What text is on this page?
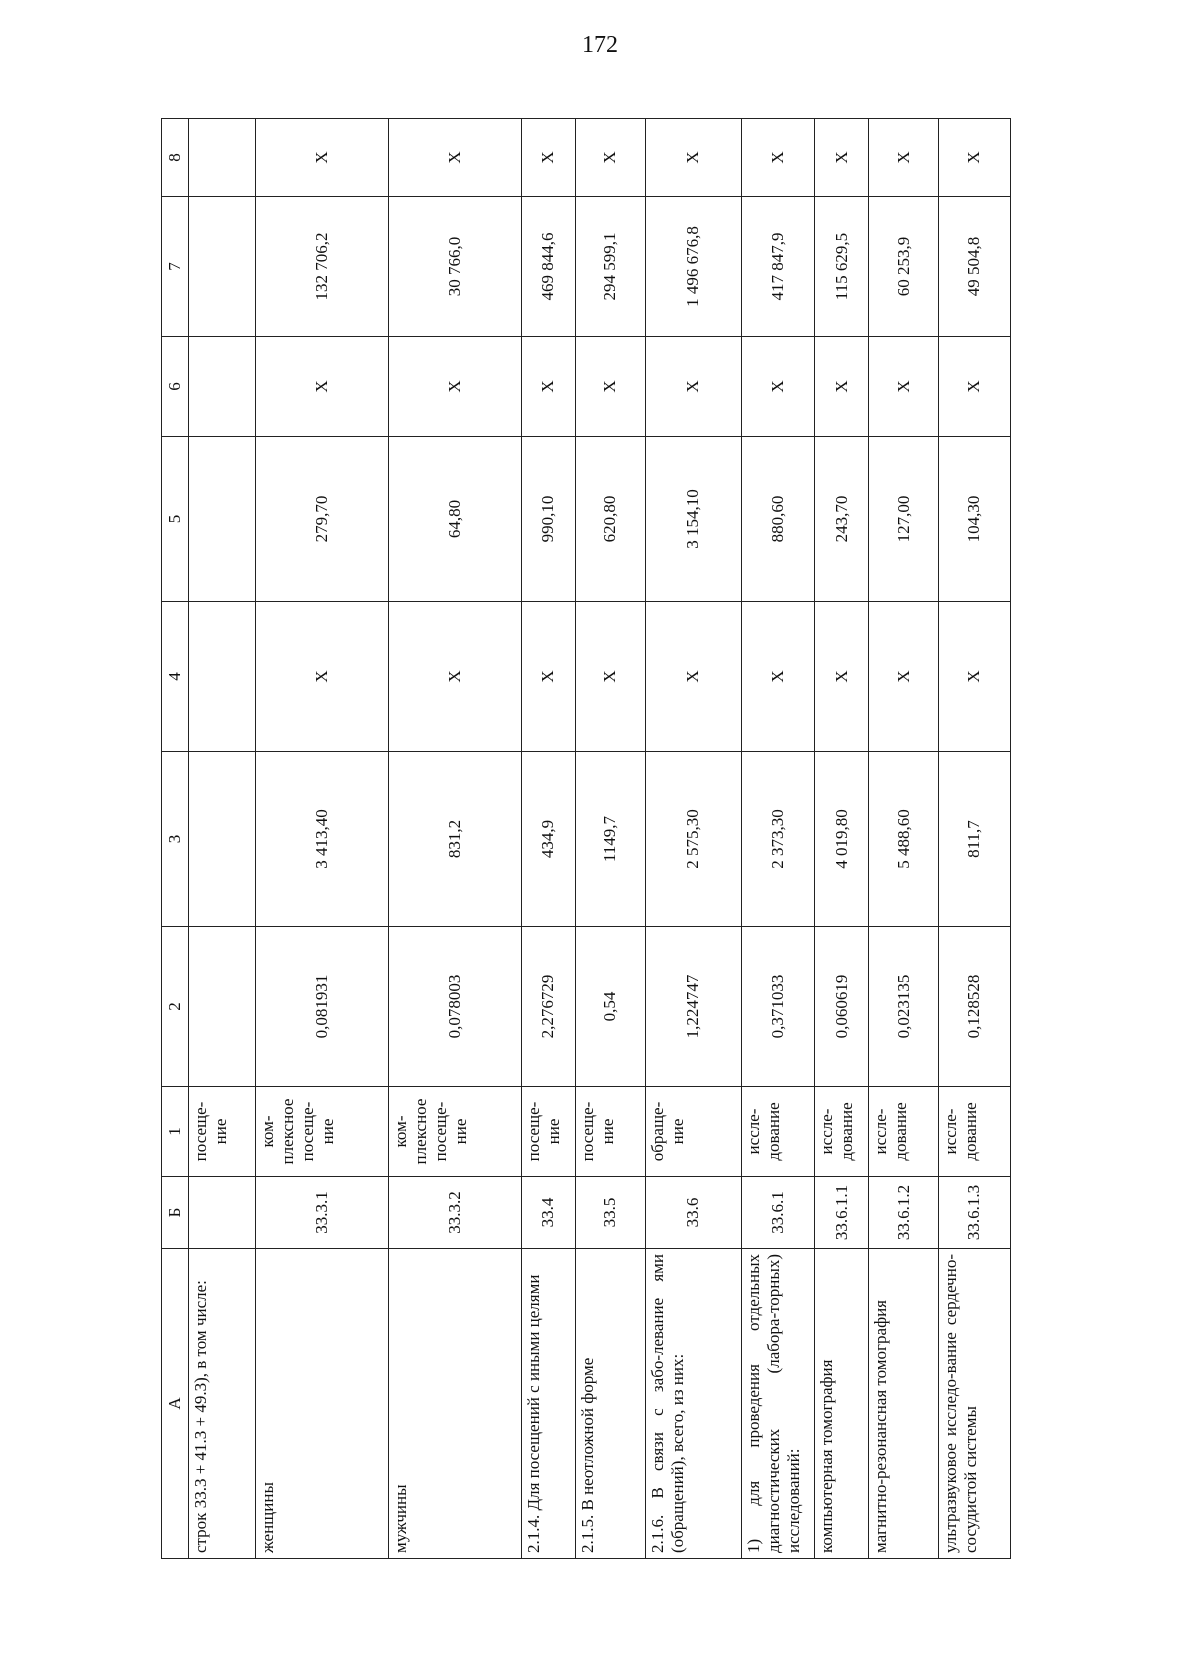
172
А	Б	1	2	3	4	5	6	7	8
строк 33.3 + 41.3 + 49.3), в том числе:		посеще-
ние							
женщины	33.3.1	ком-
плексное
посеще-
ние	0,081931	3 413,40	X	279,70	X	132 706,2	X
мужчины	33.3.2	ком-
плексное
посеще-
ние	0,078003	831,2	X	64,80	X	30 766,0	X
2.1.4. Для посещений с иными целями	33.4	посеще-
ние	2,276729	434,9	X	990,10	X	469 844,6	X
2.1.5. В неотложной форме	33.5	посеще-
ние	0,54	1149,7	X	620,80	X	294 599,1	X
2.1.6. В связи с забо-левание ями (обращений), всего, из них:	33.6	обраще-
ние	1,224747	2 575,30	X	3 154,10	X	1 496 676,8	X
1) для проведения отдельных диагностических (лабора-торных) исследований:	33.6.1	иссле-
дование	0,371033	2 373,30	X	880,60	X	417 847,9	X
компьютерная томография	33.6.1.1	иссле-
дование	0,060619	4 019,80	X	243,70	X	115 629,5	X
магнитно-резонансная томография	33.6.1.2	иссле-
дование	0,023135	5 488,60	X	127,00	X	60 253,9	X
ультразвуковое исследо-вание сердечно-сосудистой системы	33.6.1.3	иссле-
дование	0,128528	811,7	X	104,30	X	49 504,8	X
